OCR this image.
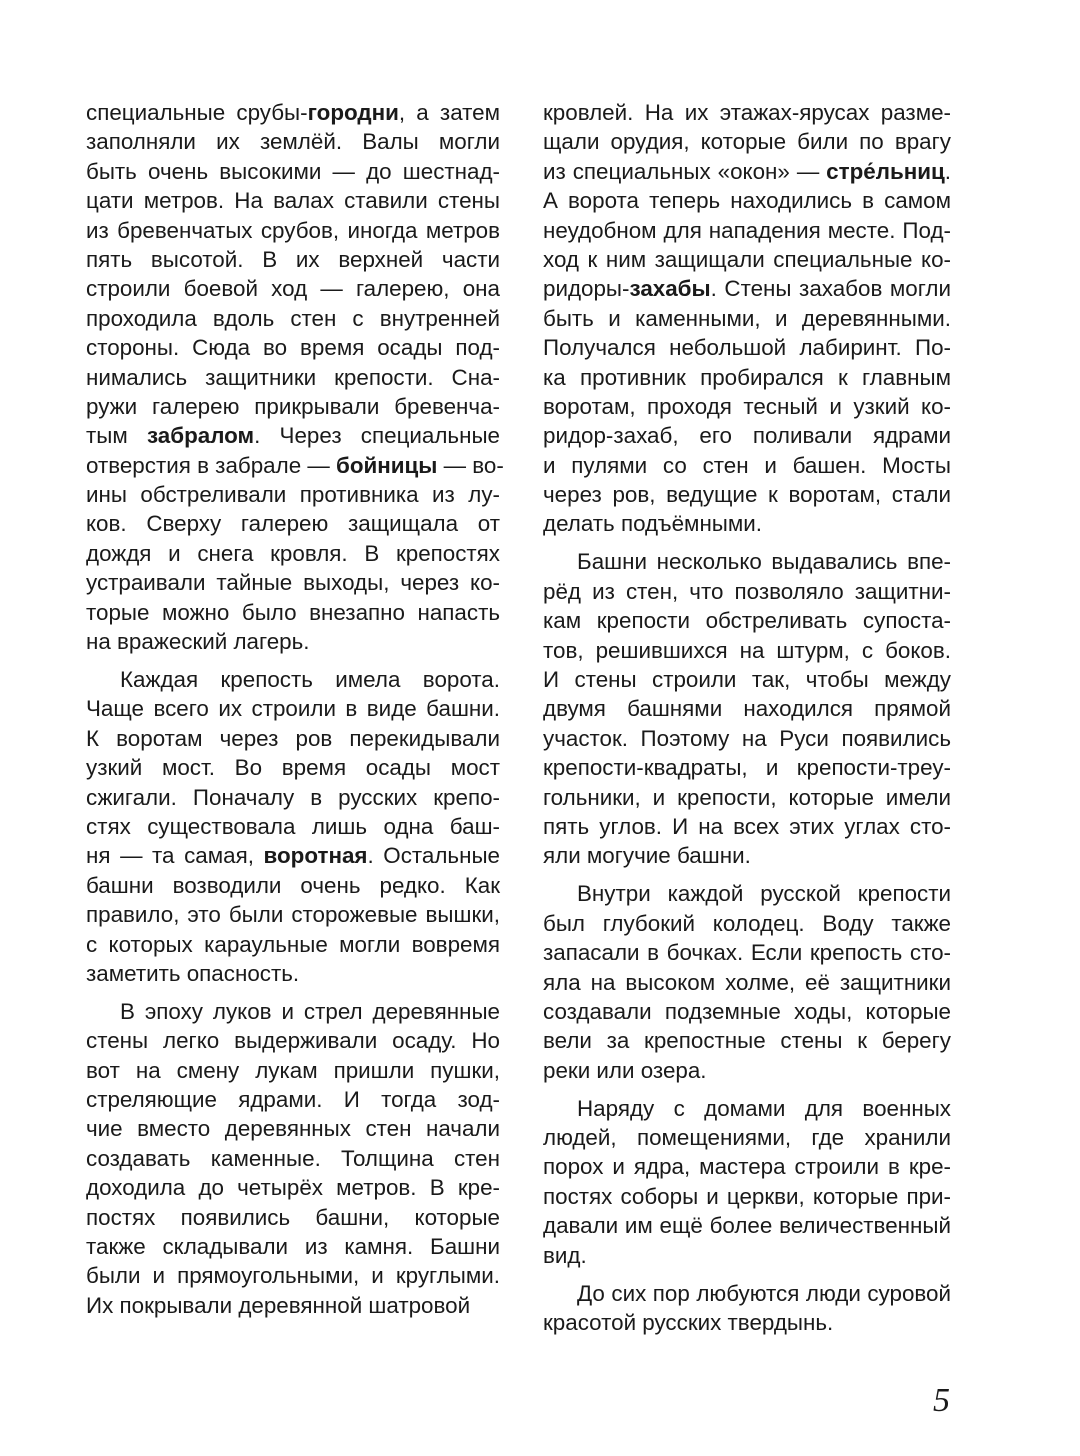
специальные срубы-городни, а затем
заполняли их землёй. Валы могли
быть очень высокими — до шестнад-
цати метров. На валах ставили стены
из бревенчатых срубов, иногда метров
пять высотой. В их верхней части
строили боевой ход — галерею, она
проходила вдоль стен с внутренней
стороны. Сюда во время осады под-
нимались защитники крепости. Сна-
ружи галерею прикрывали бревенча-
тым забралом. Через специальные
отверстия в забрале — бойницы — во-
ины обстреливали противника из лу-
ков. Сверху галерею защищала от
дождя и снега кровля. В крепостях
устраивали тайные выходы, через ко-
торые можно было внезапно напасть
на вражеский лагерь.
Каждая крепость имела ворота.
Чаще всего их строили в виде башни.
К воротам через ров перекидывали
узкий мост. Во время осады мост
сжигали. Поначалу в русских крепо-
стях существовала лишь одна баш-
ня — та самая, воротная. Остальные
башни возводили очень редко. Как
правило, это были сторожевые вышки,
с которых караульные могли вовремя
заметить опасность.
В эпоху луков и стрел деревянные
стены легко выдерживали осаду. Но
вот на смену лукам пришли пушки,
стреляющие ядрами. И тогда зод-
чие вместо деревянных стен начали
создавать каменные. Толщина стен
доходила до четырёх метров. В кре-
постях появились башни, которые
также складывали из камня. Башни
были и прямоугольными, и круглыми.
Их покрывали деревянной шатровой
кровлей. На их этажах-ярусах разме-
щали орудия, которые били по врагу
из специальных «окон» — стре́льниц.
А ворота теперь находились в самом
неудобном для нападения месте. Под-
ход к ним защищали специальные ко-
ридоры-захабы. Стены захабов могли
быть и каменными, и деревянными.
Получался небольшой лабиринт. По-
ка противник пробирался к главным
воротам, проходя тесный и узкий ко-
ридор-захаб, его поливали ядрами
и пулями со стен и башен. Мосты
через ров, ведущие к воротам, стали
делать подъёмными.
Башни несколько выдавались впе-
рёд из стен, что позволяло защитни-
кам крепости обстреливать супоста-
тов, решившихся на штурм, с боков.
И стены строили так, чтобы между
двумя башнями находился прямой
участок. Поэтому на Руси появились
крепости-квадраты, и крепости-треу-
гольники, и крепости, которые имели
пять углов. И на всех этих углах сто-
яли могучие башни.
Внутри каждой русской крепости
был глубокий колодец. Воду также
запасали в бочках. Если крепость сто-
яла на высоком холме, её защитники
создавали подземные ходы, которые
вели за крепостные стены к берегу
реки или озера.
Наряду с домами для военных
людей, помещениями, где хранили
порох и ядра, мастера строили в кре-
постях соборы и церкви, которые при-
давали им ещё более величественный
вид.
До сих пор любуются люди суровой
красотой русских твердынь.
5
